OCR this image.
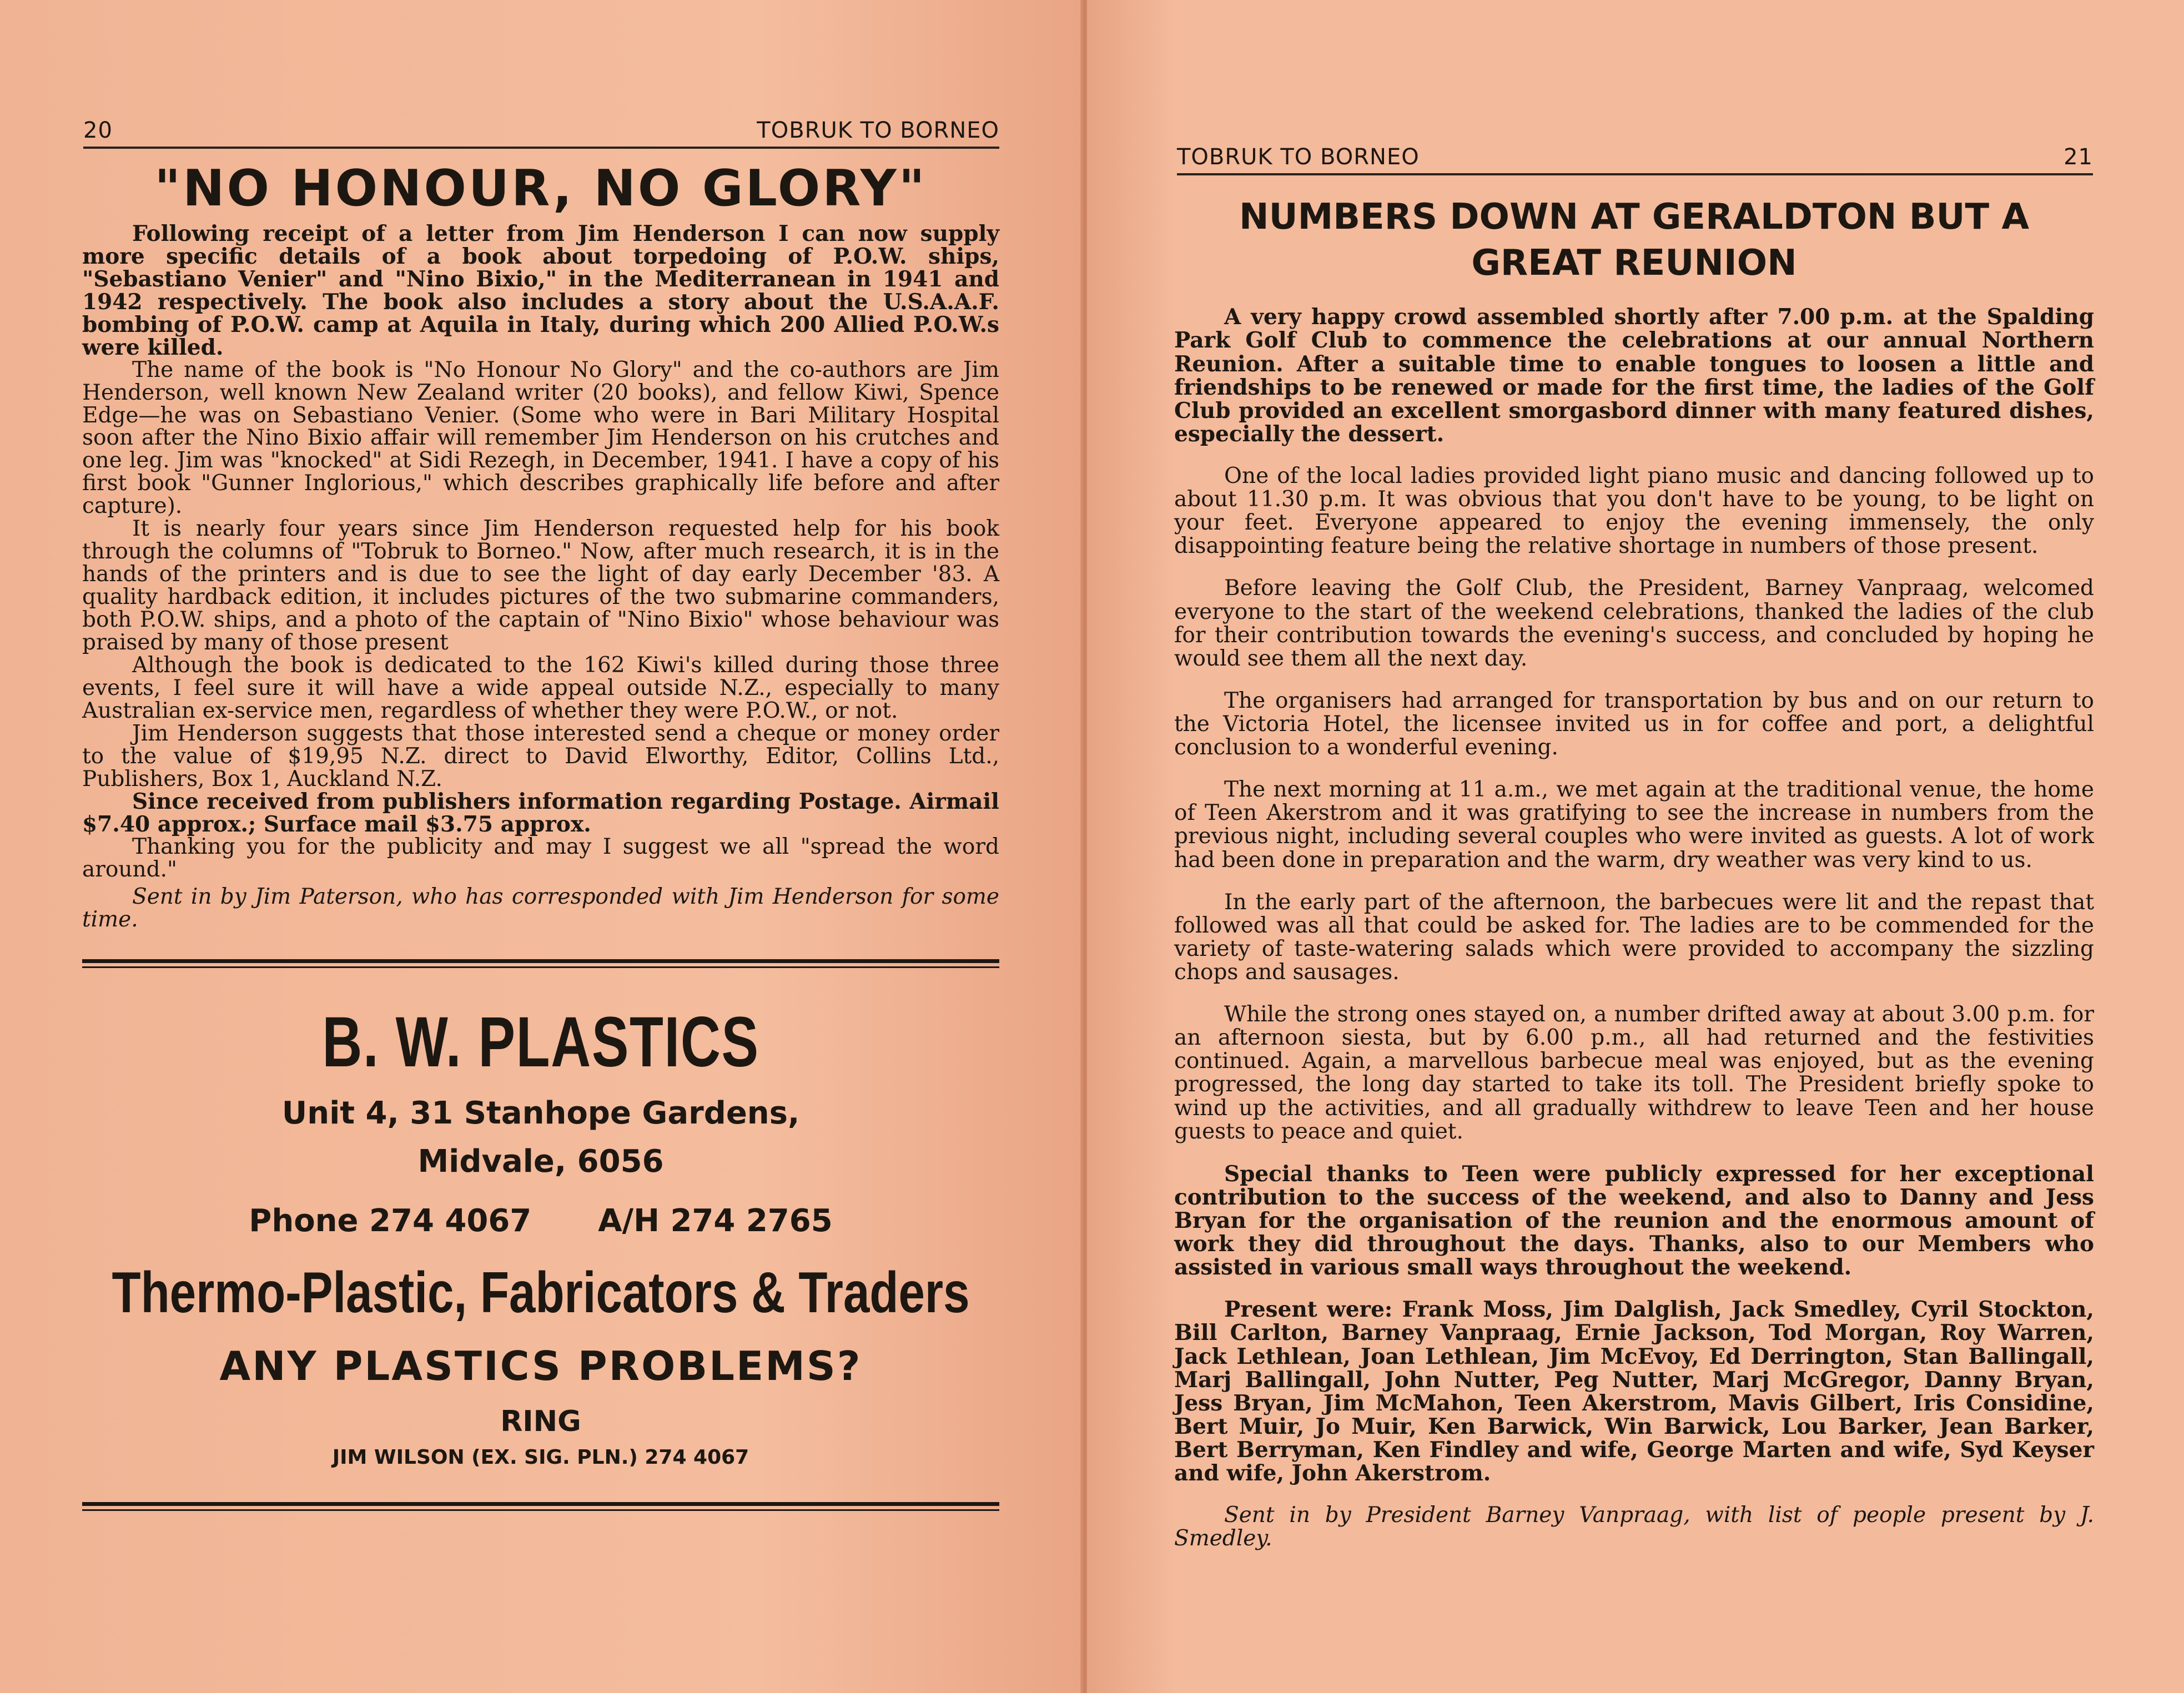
20	TOBRUK TO BORNEO
"NO HONOUR, NO GLORY"

Following receipt of a letter from Jim Henderson I can now supply more specific details of a book about torpedoing of P.O.W. ships, "Sebastiano Venier" and "Nino Bixio," in the Mediterranean in 1941 and 1942 respectively. The book also includes a story about the U.S.A.A.F. bombing of P.O.W. camp at Aquila in Italy, during which 200 Allied P.O.W.s were killed.

The name of the book is "No Honour No Glory" and the co-authors are Jim Henderson, well known New Zealand writer (20 books), and fellow Kiwi, Spence Edge—he was on Sebastiano Venier. (Some who were in Bari Military Hospital soon after the Nino Bixio affair will remember Jim Henderson on his crutches and one leg. Jim was "knocked" at Sidi Rezegh, in December, 1941. I have a copy of his first book "Gunner Inglorious," which describes graphically life before and after capture).

It is nearly four years since Jim Henderson requested help for his book through the columns of "Tobruk to Borneo." Now, after much research, it is in the hands of the printers and is due to see the light of day early December '83. A quality hardback edition, it includes pictures of the two submarine commanders, both P.O.W. ships, and a photo of the captain of "Nino Bixio" whose behaviour was praised by many of those present

Although the book is dedicated to the 162 Kiwi's killed during those three events, I feel sure it will have a wide appeal outside N.Z., especially to many Australian ex-service men, regardless of whether they were P.O.W., or not.

Jim Henderson suggests that those interested send a cheque or money order to the value of $19,95 N.Z. direct to David Elworthy, Editor, Collins Ltd., Publishers, Box 1, Auckland N.Z.

Since received from publishers information regarding Postage. Airmail $7.40 approx.; Surface mail $3.75 approx.

Thanking you for the publicity and may I suggest we all "spread the word around."

Sent in by Jim Paterson, who has corresponded with Jim Henderson for some time.

B. W. PLASTICS
Unit 4, 31 Stanhope Gardens,
Midvale, 6056
Phone 274 4067 A/H 274 2765
Thermo-Plastic, Fabricators & Traders
ANY PLASTICS PROBLEMS?
RING
JIM WILSON (EX. SIG. PLN.) 274 4067
TOBRUK TO BORNEO	21
NUMBERS DOWN AT GERALDTON BUT A
GREAT REUNION

A very happy crowd assembled shortly after 7.00 p.m. at the Spalding Park Golf Club to commence the celebrations at our annual Northern Reunion. After a suitable time to enable tongues to loosen a little and friendships to be renewed or made for the first time, the ladies of the Golf Club provided an excellent smorgasbord dinner with many featured dishes, especially the dessert.

One of the local ladies provided light piano music and dancing followed up to about 11.30 p.m. It was obvious that you don't have to be young, to be light on your feet. Everyone appeared to enjoy the evening immensely, the only disappointing feature being the relative shortage in numbers of those present.

Before leaving the Golf Club, the President, Barney Vanpraag, welcomed everyone to the start of the weekend celebrations, thanked the ladies of the club for their contribution towards the evening's success, and concluded by hoping he would see them all the next day.

The organisers had arranged for transportation by bus and on our return to the Victoria Hotel, the licensee invited us in for coffee and port, a delightful conclusion to a wonderful evening.

The next morning at 11 a.m., we met again at the traditional venue, the home of Teen Akerstrom and it was gratifying to see the increase in numbers from the previous night, including several couples who were invited as guests. A lot of work had been done in preparation and the warm, dry weather was very kind to us.

In the early part of the afternoon, the barbecues were lit and the repast that followed was all that could be asked for. The ladies are to be commended for the variety of taste-watering salads which were provided to accompany the sizzling chops and sausages.

While the strong ones stayed on, a number drifted away at about 3.00 p.m. for an afternoon siesta, but by 6.00 p.m., all had returned and the festivities continued. Again, a marvellous barbecue meal was enjoyed, but as the evening progressed, the long day started to take its toll. The President briefly spoke to wind up the activities, and all gradually withdrew to leave Teen and her house guests to peace and quiet.

Special thanks to Teen were publicly expressed for her exceptional contribution to the success of the weekend, and also to Danny and Jess Bryan for the organisation of the reunion and the enormous amount of work they did throughout the days. Thanks, also to our Members who assisted in various small ways throughout the weekend.

Present were: Frank Moss, Jim Dalglish, Jack Smedley, Cyril Stockton, Bill Carlton, Barney Vanpraag, Ernie Jackson, Tod Morgan, Roy Warren, Jack Lethlean, Joan Lethlean, Jim McEvoy, Ed Derrington, Stan Ballingall, Marj Ballingall, John Nutter, Peg Nutter, Marj McGregor, Danny Bryan, Jess Bryan, Jim McMahon, Teen Akerstrom, Mavis Gilbert, Iris Considine, Bert Muir, Jo Muir, Ken Barwick, Win Barwick, Lou Barker, Jean Barker, Bert Berryman, Ken Findley and wife, George Marten and wife, Syd Keyser and wife, John Akerstrom.

Sent in by President Barney Vanpraag, with list of people present by J. Smedley.
